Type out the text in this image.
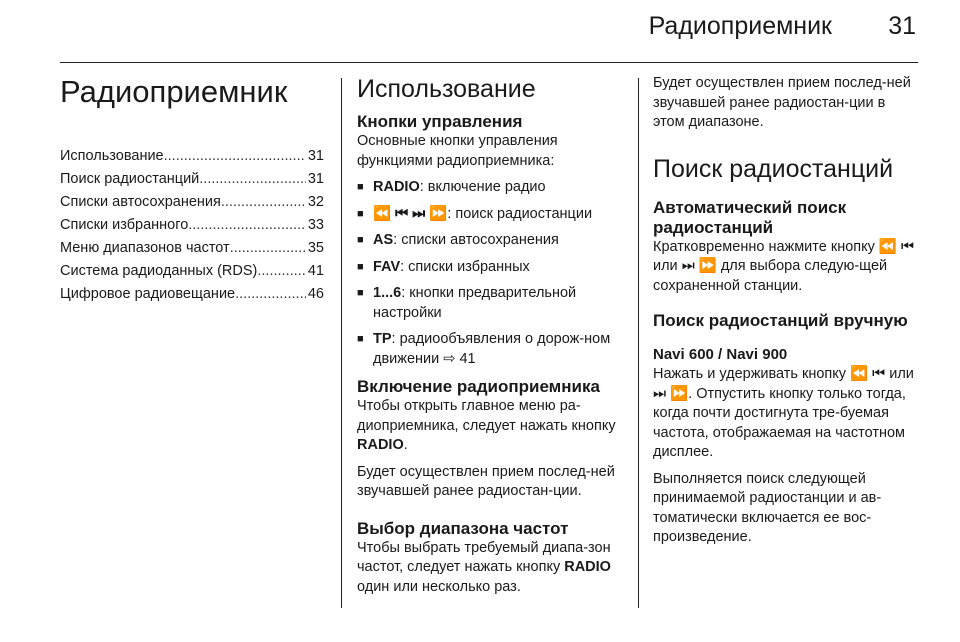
Радиоприемник 31
Радиоприемник
Использование .....	31
Поиск радиостанций .....	31
Списки автосохранения .....	32
Списки избранного .....	33
Меню диапазонов частот .....	35
Система радиоданных (RDS) .....	41
Цифровое радиовещание .....	46
Использование
Кнопки управления

Основные кнопки управления функциями радиоприемника:

■ RADIO: включение радио
■ ⏪ ⏮ ⏭ ⏩: поиск радиостанции
■ AS: списки автосохранения
■ FAV: списки избранных
■ 1...6: кнопки предварительной настройки
■ TP: радиообъявления о дорож-ном движении ⇨ 41
Включение радиоприемника

Чтобы открыть главное меню ра-диоприемника, следует нажать кнопку RADIO.

Будет осуществлен прием послед-ней звучавшей ранее радиостан-ции.

Выбор диапазона частот

Чтобы выбрать требуемый диапа-зон частот, следует нажать кнопку RADIO один или несколько раз.

Будет осуществлен прием послед-ней звучавшей ранее радиостан-ции в этом диапазоне.

Поиск радиостанций
Автоматический поиск радиостанций

Кратковременно нажмите кнопку ⏪ ⏮ или ⏭ ⏩ для выбора следую-щей сохраненной станции.

Поиск радиостанций вручную
Navi 600 / Navi 900

Нажать и удерживать кнопку ⏪ ⏮ или ⏭ ⏩. Отпустить кнопку только тогда, когда почти достигнута тре-буемая частота, отображаемая на частотном дисплее.

Выполняется поиск следующей принимаемой радиостанции и ав-томатически включается ее вос-произведение.
